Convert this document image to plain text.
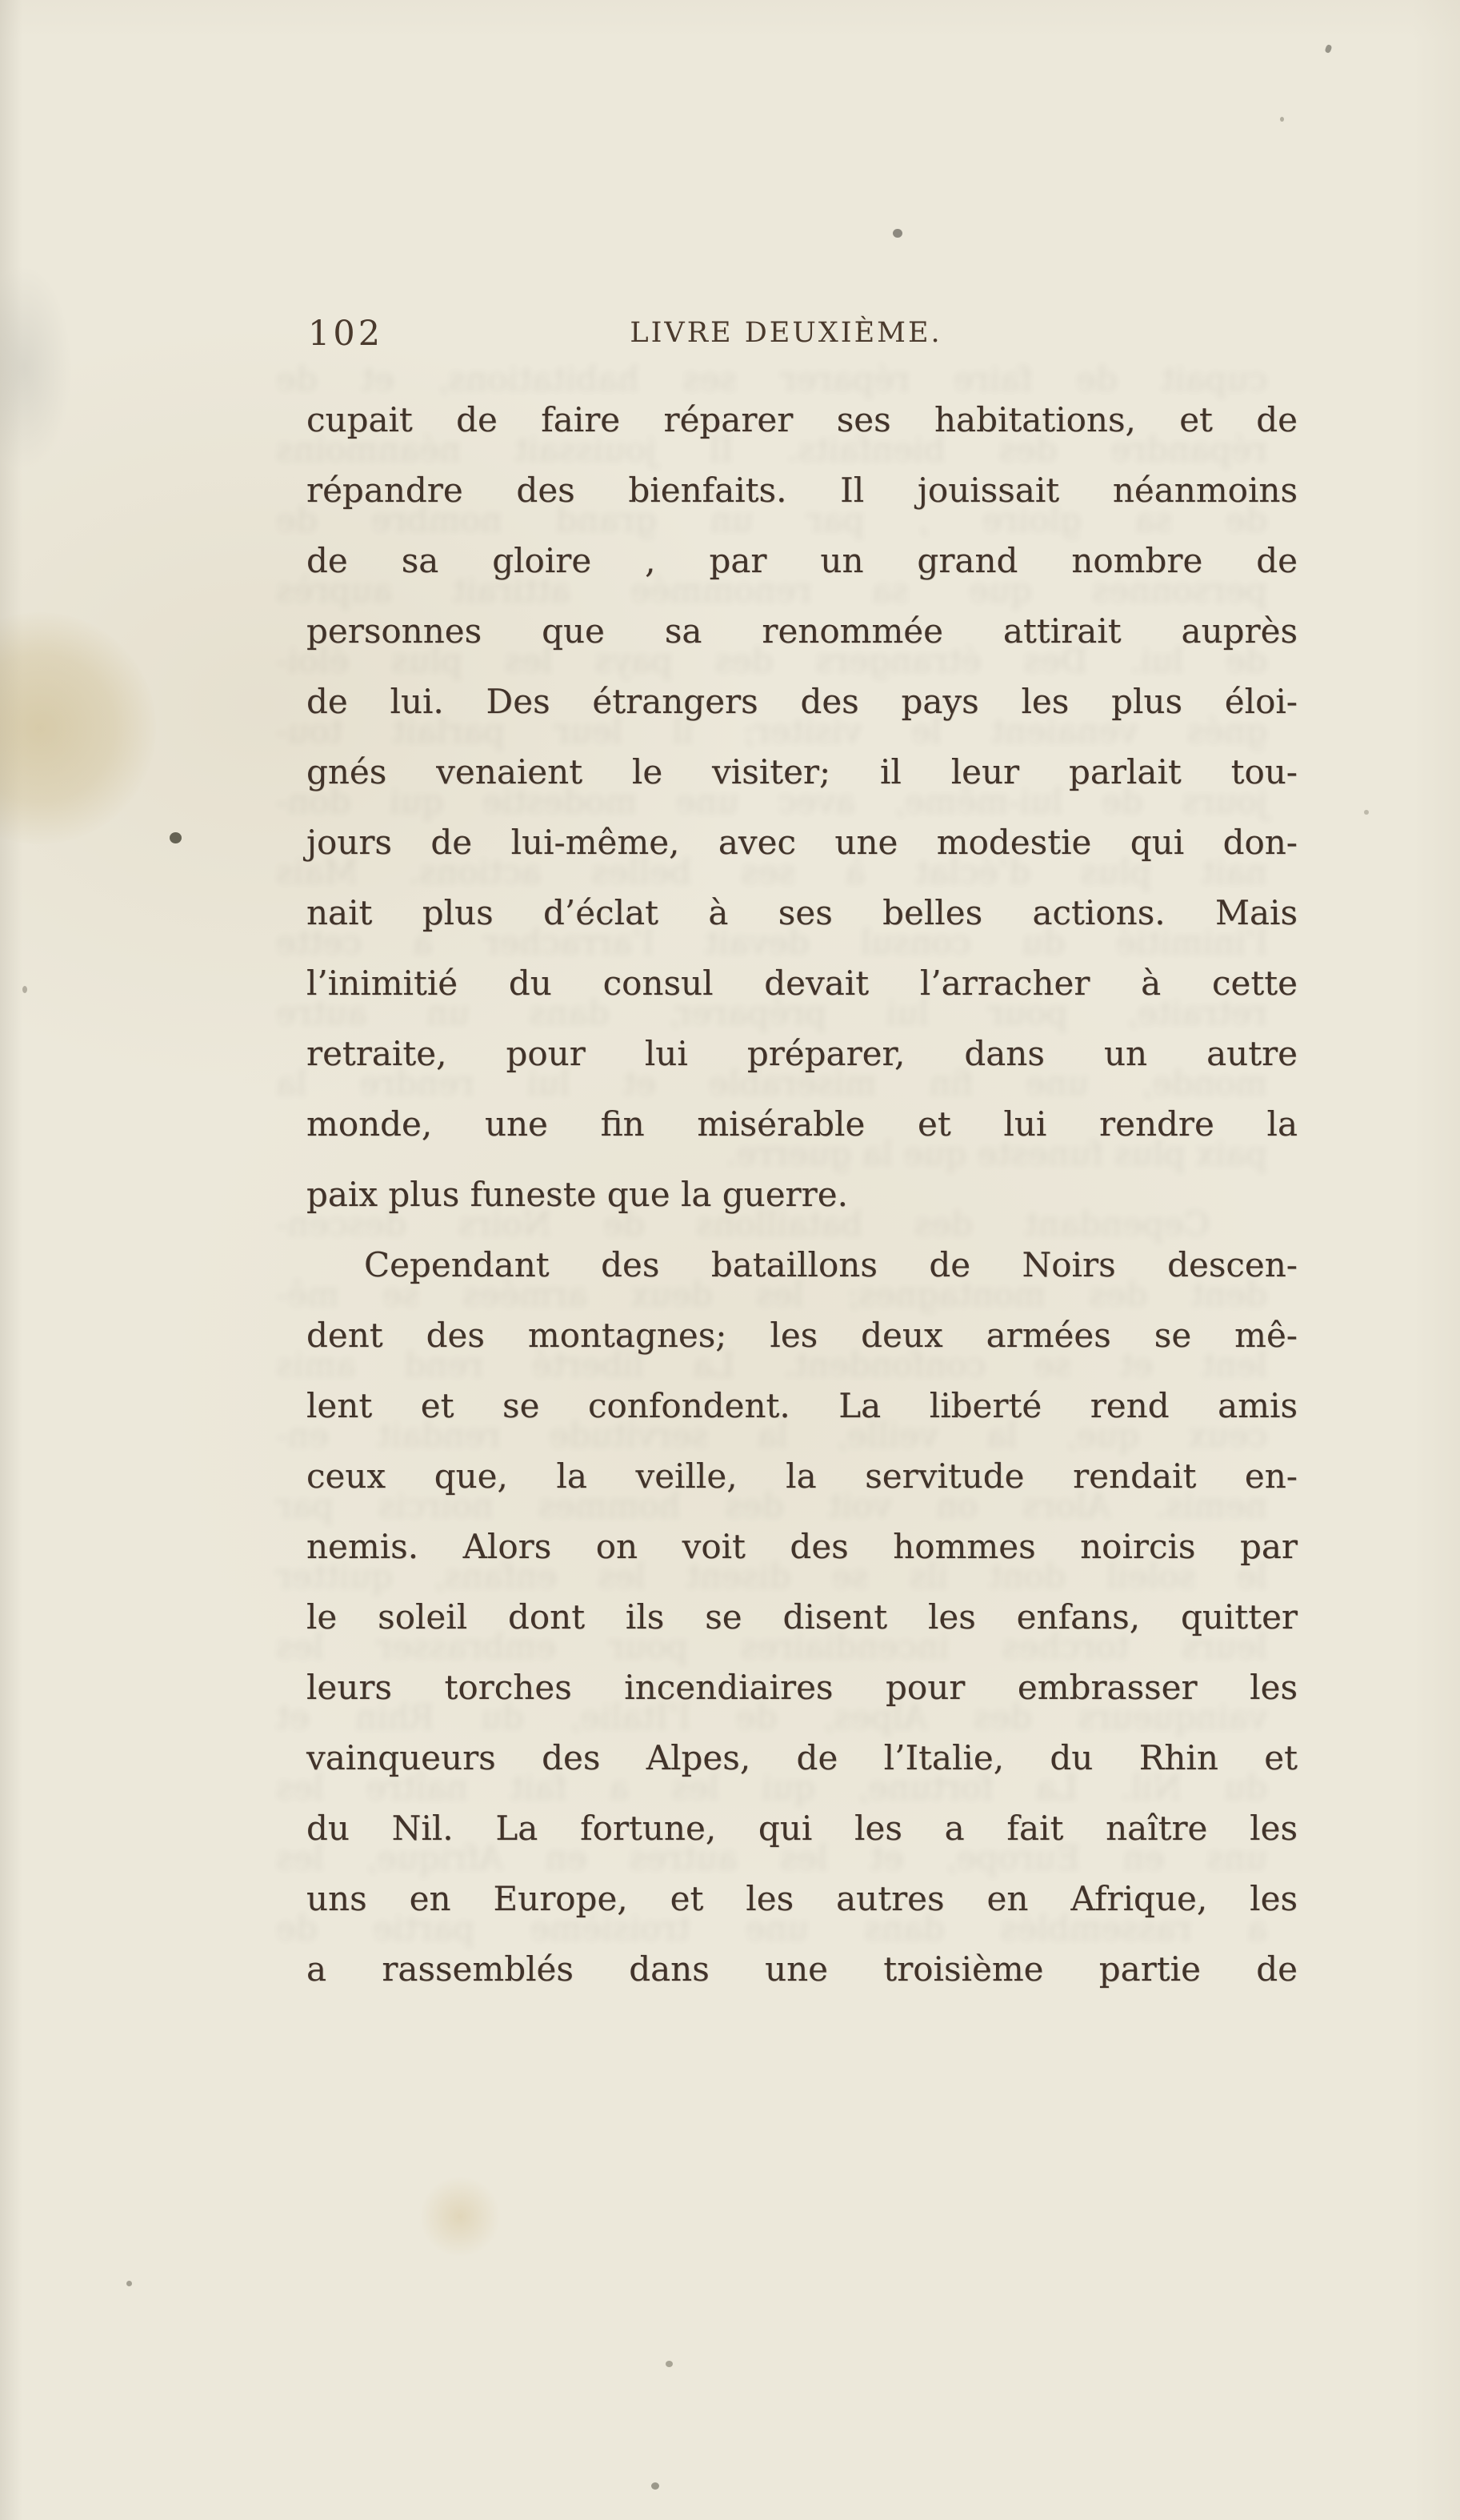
cupait de faire réparer ses habitations, et de
répandre des bienfaits. Il jouissait néanmoins
de sa gloire , par un grand nombre de
personnes que sa renommée attirait auprès
de lui. Des étrangers des pays les plus éloi-
gnés venaient le visiter; il leur parlait tou-
jours de lui-même, avec une modestie qui don-
nait plus d’éclat à ses belles actions. Mais
l’inimitié du consul devait l’arracher à cette
retraite, pour lui préparer, dans un autre
monde, une fin misérable et lui rendre la
paix plus funeste que la guerre.
Cependant des bataillons de Noirs descen-
dent des montagnes; les deux armées se mê-
lent et se confondent. La liberté rend amis
ceux que, la veille, la servitude rendait en-
nemis. Alors on voit des hommes noircis par
le soleil dont ils se disent les enfans, quitter
leurs torches incendiaires pour embrasser les
vainqueurs des Alpes, de l’Italie, du Rhin et
du Nil. La fortune, qui les a fait naître les
uns en Europe, et les autres en Afrique, les
a rassemblés dans une troisième partie de
102	LIVRE DEUXIÈME.
cupait de faire réparer ses habitations, et de
répandre des bienfaits. Il jouissait néanmoins
de sa gloire , par un grand nombre de
personnes que sa renommée attirait auprès
de lui. Des étrangers des pays les plus éloi-
gnés venaient le visiter; il leur parlait tou-
jours de lui-même, avec une modestie qui don-
nait plus d’éclat à ses belles actions. Mais
l’inimitié du consul devait l’arracher à cette
retraite, pour lui préparer, dans un autre
monde, une fin misérable et lui rendre la
paix plus funeste que la guerre.
Cependant des bataillons de Noirs descen-
dent des montagnes; les deux armées se mê-
lent et se confondent. La liberté rend amis
ceux que, la veille, la servitude rendait en-
nemis. Alors on voit des hommes noircis par
le soleil dont ils se disent les enfans, quitter
leurs torches incendiaires pour embrasser les
vainqueurs des Alpes, de l’Italie, du Rhin et
du Nil. La fortune, qui les a fait naître les
uns en Europe, et les autres en Afrique, les
a rassemblés dans une troisième partie de
